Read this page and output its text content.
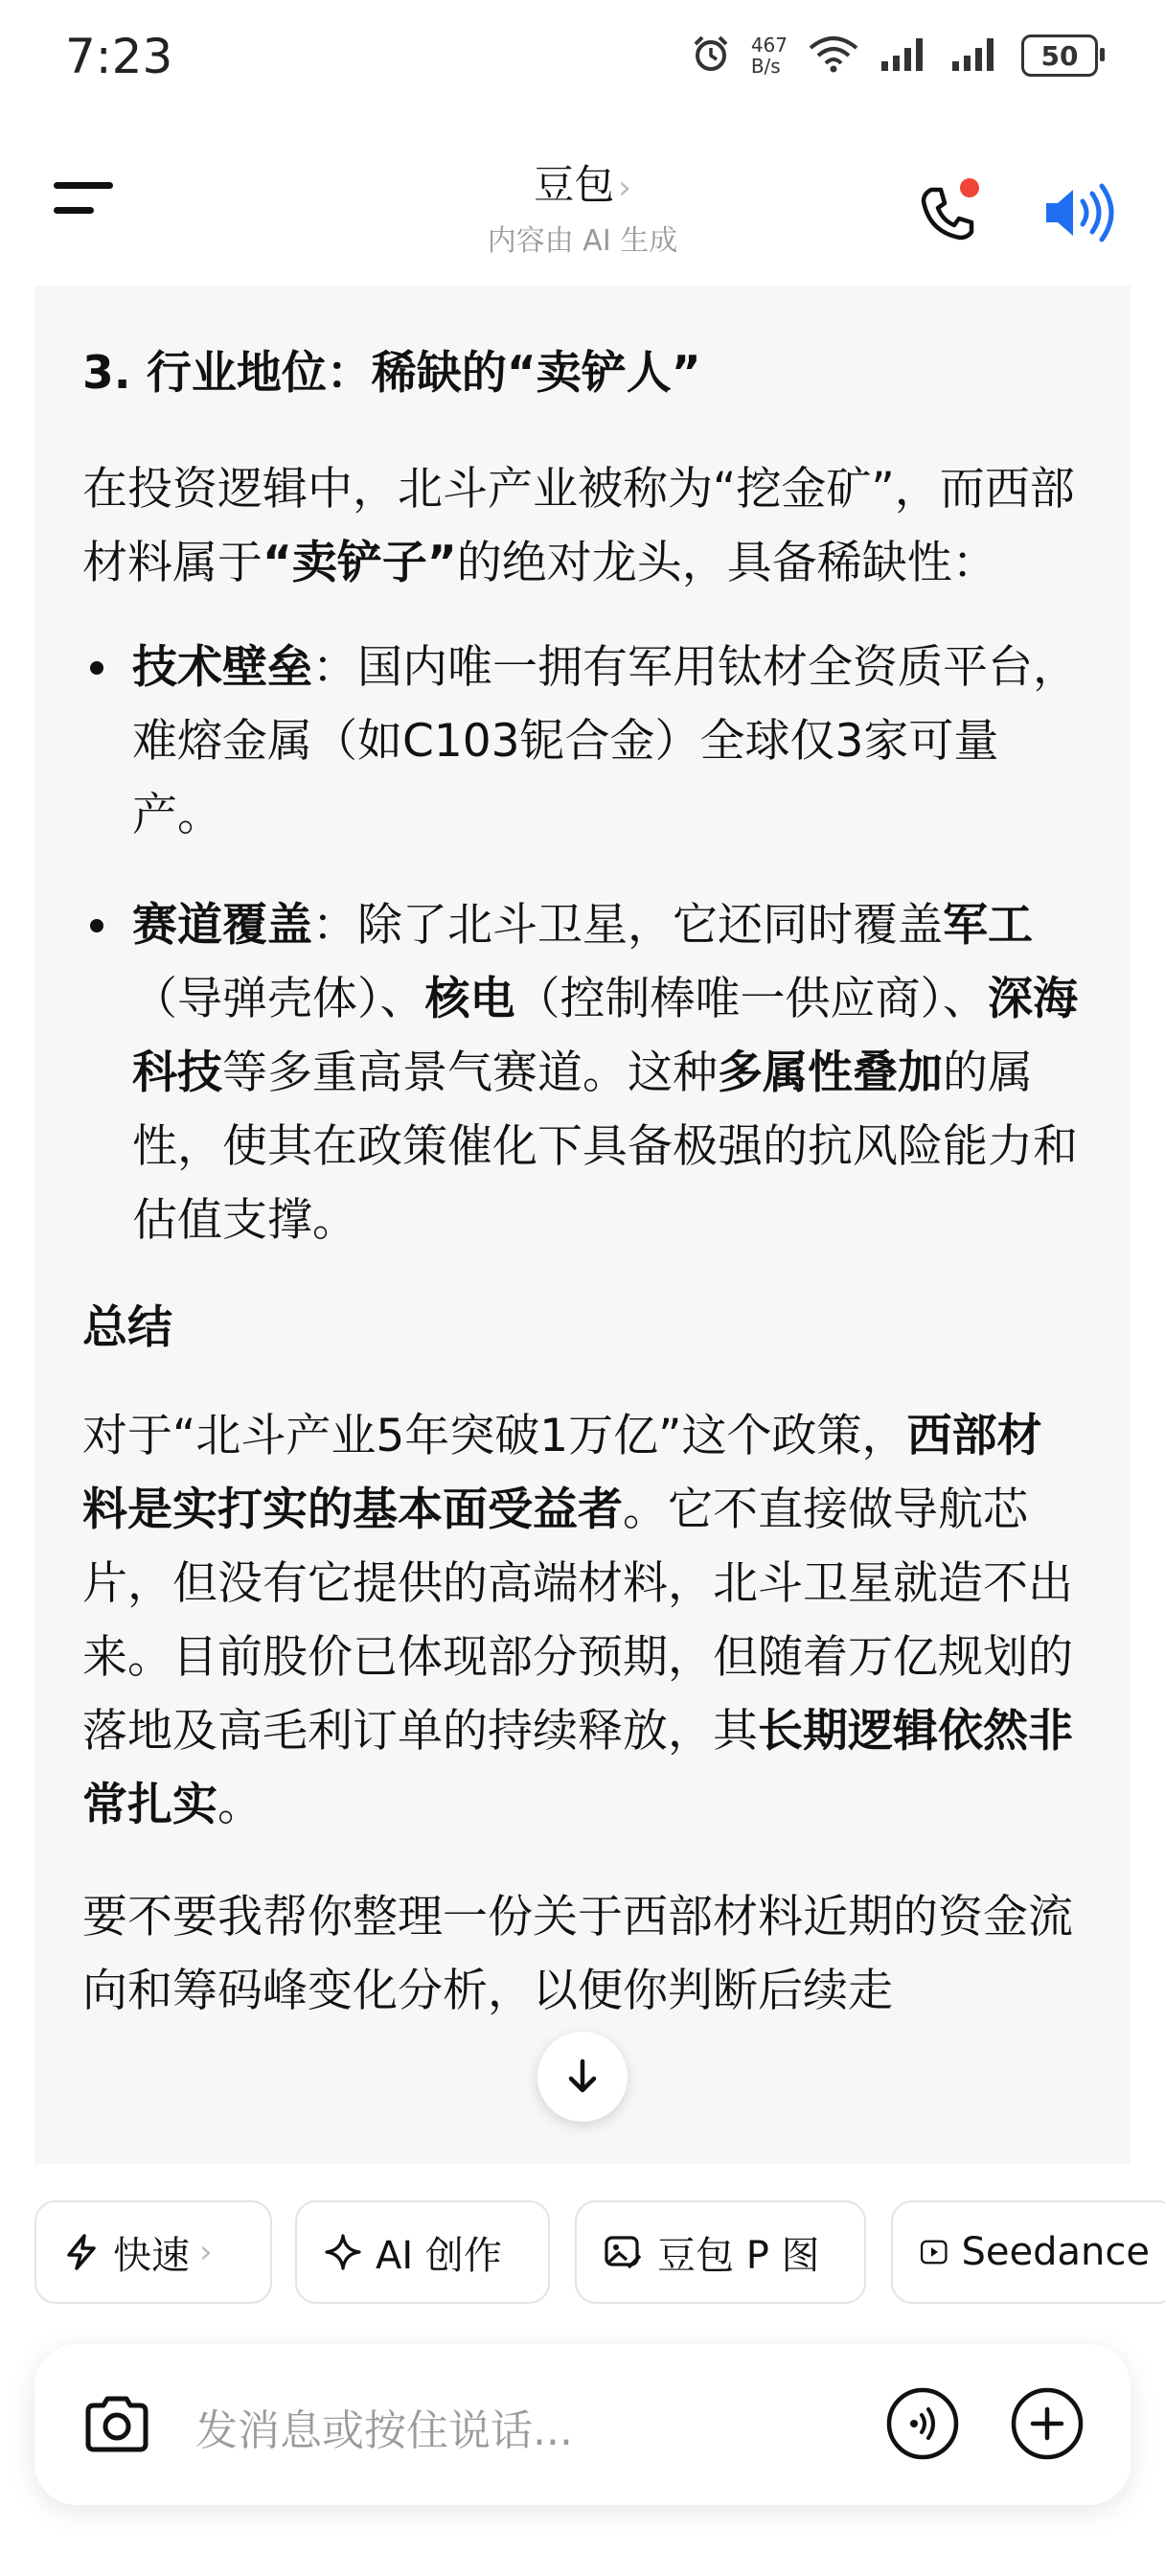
7:23	467
B/s	50
豆包 ›
内容由 AI 生成
3. 行业地位：稀缺的“卖铲人”

在投资逻辑中，北斗产业被称为“挖金矿”，而西部材料属于“卖铲子”的绝对龙头，具备稀缺性：

技术壁垒：国内唯一拥有军用钛材全资质平台，难熔金属（如C103铌合金）全球仅3家可量产。
赛道覆盖：除了北斗卫星，它还同时覆盖军工（导弹壳体）、核电（控制棒唯一供应商）、深海科技等多重高景气赛道。这种多属性叠加的属性，使其在政策催化下具备极强的抗风险能力和估值支撑。
总结

对于“北斗产业5年突破1万亿”这个政策，西部材料是实打实的基本面受益者。它不直接做导航芯片，但没有它提供的高端材料，北斗卫星就造不出来。目前股价已体现部分预期，但随着万亿规划的落地及高毛利订单的持续释放，其长期逻辑依然非常扎实。

要不要我帮你整理一份关于西部材料近期的资金流向和筹码峰变化分析，以便你判断后续走

快速 ›	AI 创作	豆包 P 图	Seedance
发消息或按住说话...
